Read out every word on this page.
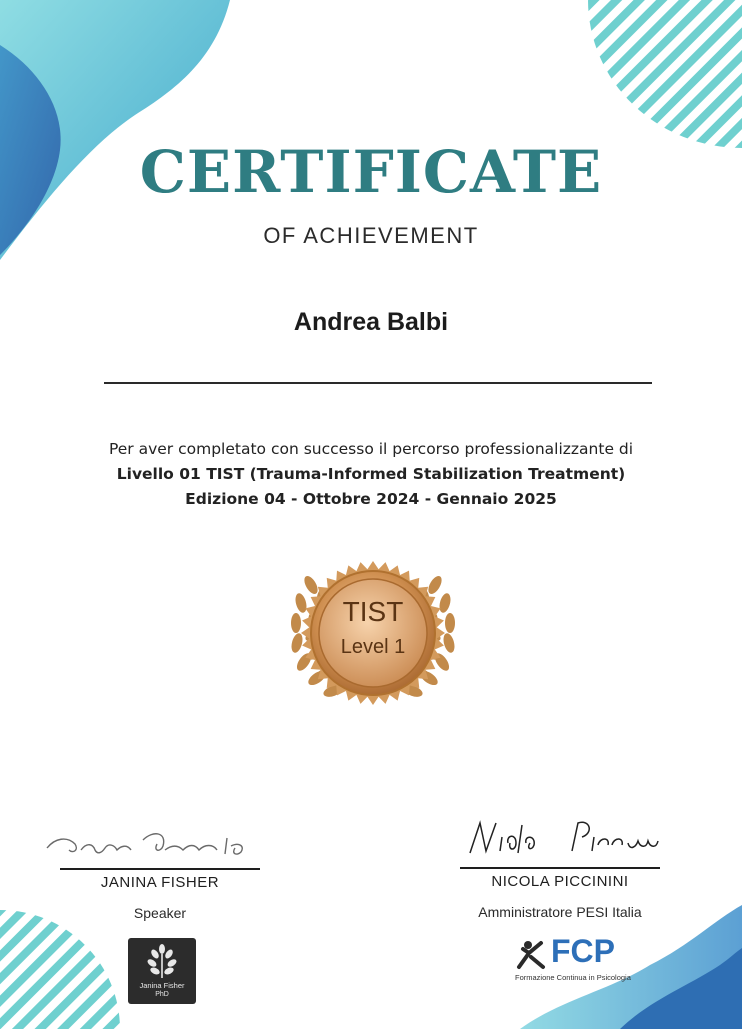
CERTIFICATE
OF ACHIEVEMENT
Andrea Balbi
Per aver completato con successo il percorso professionalizzante di
Livello 01 TIST (Trauma-Informed Stabilization Treatment)
Edizione 04 - Ottobre 2024 - Gennaio 2025
TIST
Level 1
JANINA FISHER
Speaker
NICOLA PICCININI
Amministratore PESI Italia
Janina Fisher
PhD
FCP
Formazione Continua in Psicologia
